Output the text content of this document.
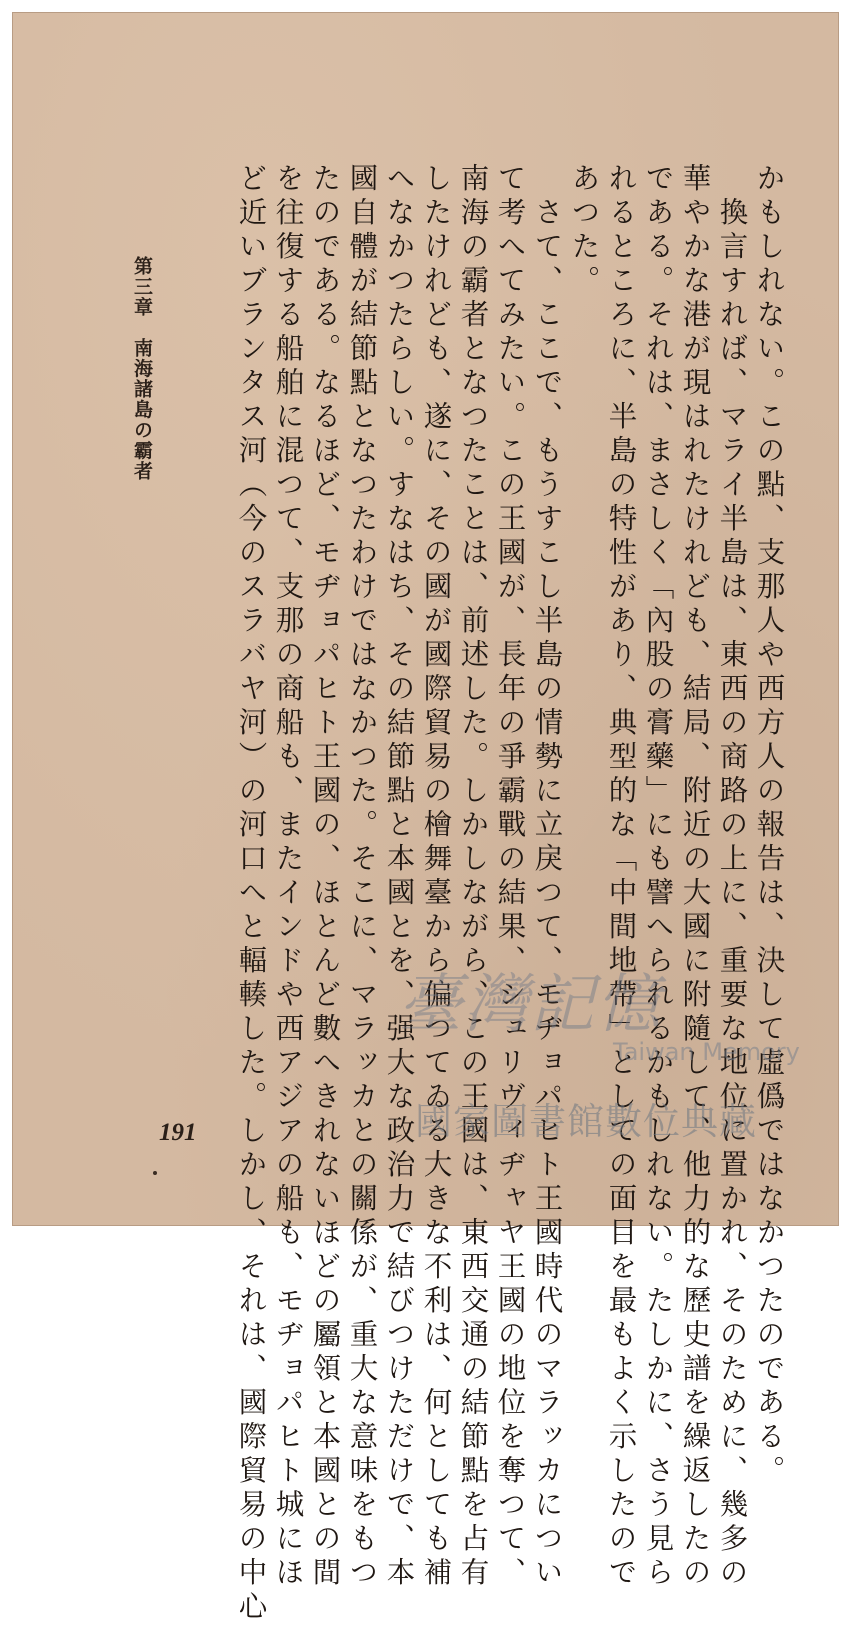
かもしれない。この點、支那人や西方人の報告は、決して虛僞ではなかつたのである。
　換言すれば、マライ半島は、東西の商路の上に、重要な地位に置かれ、そのために、幾多の
華やかな港が現はれたけれども、結局、附近の大國に附隨して、他力的な歷史譜を繰返したの
である。それは、まさしく「內股の膏藥」にも譬へられるかもしれない。たしかに、さう見ら
れるところに、半島の特性があり、典型的な「中間地帶」としての面目を最もよく示したので
あつた。
　さて、ここで、もうすこし半島の情勢に立戾つて、モヂョパヒト王國時代のマラッカについ
て考へてみたい。この王國が、長年の爭霸戰の結果、シュリヴィヂャヤ王國の地位を奪つて、
南海の霸者となつたことは、前述した。しかしながら、この王國は、東西交通の結節點を占有
したけれども、遂に、その國が國際貿易の檜舞臺から偏つてゐる大きな不利は、何としても補
へなかつたらしい。すなはち、その結節點と本國とを、强大な政治力で結びつけただけで、本
國自體が結節點となつたわけではなかつた。そこに、マラッカとの關係が、重大な意味をもつ
たのである。なるほど、モヂョパヒト王國の、ほとんど數へきれないほどの屬領と本國との間
を往復する船舶に混つて、支那の商船も、またインドや西アジアの船も、モヂョパヒト城にほ
ど近いブランタス河（今のスラバヤ河）の河口へと輻輳した。しかし、それは、國際貿易の中心
第三章　南海諸島の霸者
191
臺灣記憶
Taiwan Memory
國家圖書館數位典藏
